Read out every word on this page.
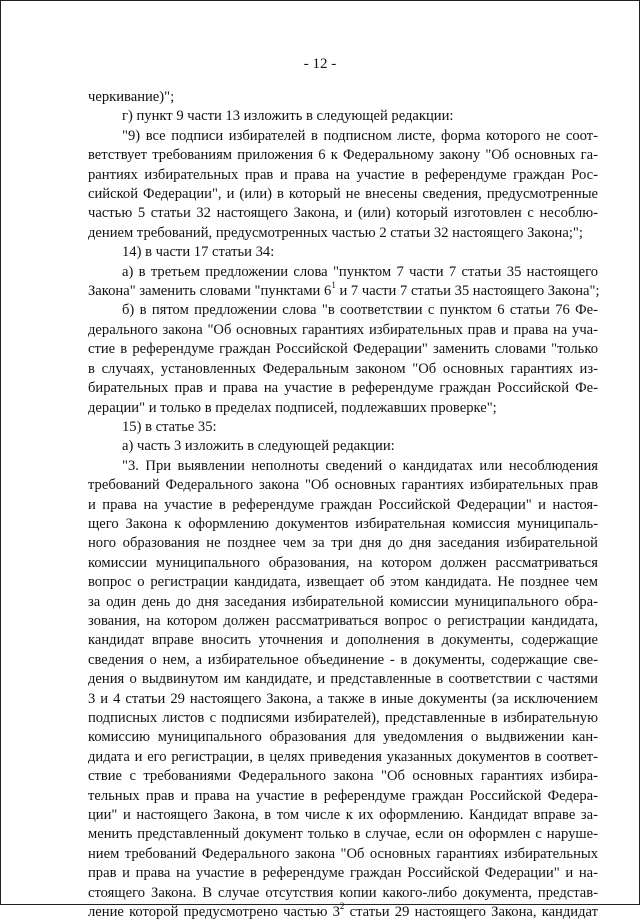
- 12 -
черкивание)";
г) пункт 9 части 13 изложить в следующей редакции:
"9) все подписи избирателей в подписном листе, форма которого не соот-
ветствует требованиям приложения 6 к Федеральному закону "Об основных га-
рантиях избирательных прав и права на участие в референдуме граждан Рос-
сийской Федерации", и (или) в который не внесены сведения, предусмотренные
частью 5 статьи 32 настоящего Закона, и (или) который изготовлен с несоблю-
дением требований, предусмотренных частью 2 статьи 32 настоящего Закона;";
14) в части 17 статьи 34:
а) в третьем предложении слова "пунктом 7 части 7 статьи 35 настоящего
Закона" заменить словами "пунктами $6^1$ и 7 части 7 статьи 35 настоящего Закона";
б) в пятом предложении слова "в соответствии с пунктом 6 статьи 76 Фе-
дерального закона "Об основных гарантиях избирательных прав и права на уча-
стие в референдуме граждан Российской Федерации" заменить словами "только
в случаях, установленных Федеральным законом "Об основных гарантиях из-
бирательных прав и права на участие в референдуме граждан Российской Фе-
дерации" и только в пределах подписей, подлежавших проверке";
15) в статье 35:
а) часть 3 изложить в следующей редакции:
"3. При выявлении неполноты сведений о кандидатах или несоблюдения
требований Федерального закона "Об основных гарантиях избирательных прав
и права на участие в референдуме граждан Российской Федерации" и настоя-
щего Закона к оформлению документов избирательная комиссия муниципаль-
ного образования не позднее чем за три дня до дня заседания избирательной
комиссии муниципального образования, на котором должен рассматриваться
вопрос о регистрации кандидата, извещает об этом кандидата. Не позднее чем
за один день до дня заседания избирательной комиссии муниципального обра-
зования, на котором должен рассматриваться вопрос о регистрации кандидата,
кандидат вправе вносить уточнения и дополнения в документы, содержащие
сведения о нем, а избирательное объединение - в документы, содержащие све-
дения о выдвинутом им кандидате, и представленные в соответствии с частями
3 и 4 статьи 29 настоящего Закона, а также в иные документы (за исключением
подписных листов с подписями избирателей), представленные в избирательную
комиссию муниципального образования для уведомления о выдвижении кан-
дидата и его регистрации, в целях приведения указанных документов в соответ-
ствие с требованиями Федерального закона "Об основных гарантиях избира-
тельных прав и права на участие в референдуме граждан Российской Федера-
ции" и настоящего Закона, в том числе к их оформлению. Кандидат вправе за-
менить представленный документ только в случае, если он оформлен с наруше-
нием требований Федерального закона "Об основных гарантиях избирательных
прав и права на участие в референдуме граждан Российской Федерации" и на-
стоящего Закона. В случае отсутствия копии какого-либо документа, представ-
ление которой предусмотрено частью $3^2$ статьи 29 настоящего Закона, кандидат
